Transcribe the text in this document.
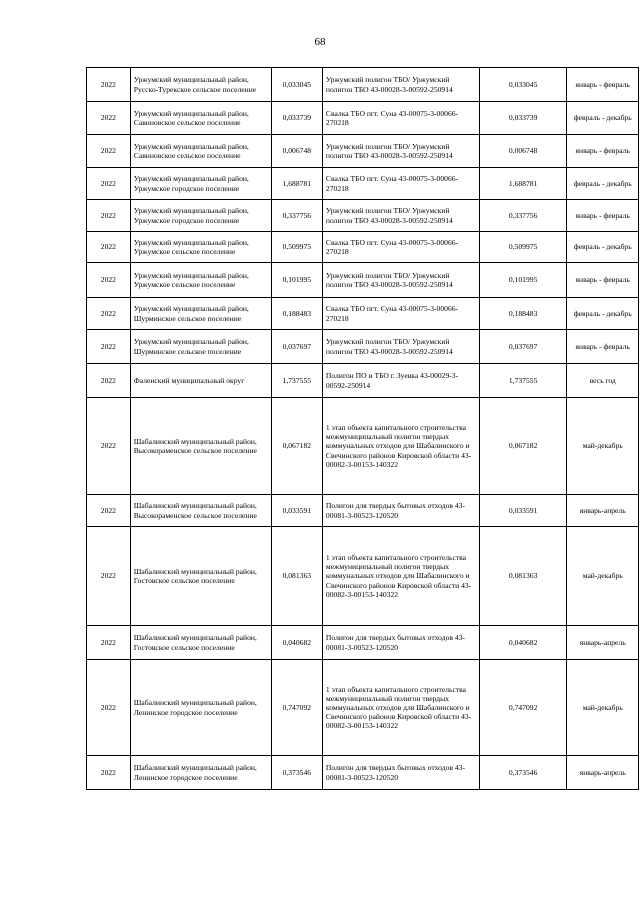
68
2022	Уржумский муниципальный район, Русско-Турекское сельское поселение	0,033045	Уржумский полигон ТБО/ Уржумский полигон ТБО 43-00028-3-00592-250914	0,033045	январь - февраль
2022	Уржумский муниципальный район, Савиновское сельское поселение	0,033739	Свалка ТБО пгт. Суна 43-00075-3-00066-270218	0,033739	февраль - декабрь
2022	Уржумский муниципальный район, Савиновское сельское поселение	0,006748	Уржумский полигон ТБО/ Уржумский полигон ТБО 43-00028-3-00592-250914	0,006748	январь - февраль
2022	Уржумский муниципальный район, Уржумское городское поселение	1,688781	Свалка ТБО пгт. Суна 43-00075-3-00066-270218	1,688781	февраль - декабрь
2022	Уржумский муниципальный район, Уржумское городское поселение	0,337756	Уржумский полигон ТБО/ Уржумский полигон ТБО 43-00028-3-00592-250914	0,337756	январь - февраль
2022	Уржумский муниципальный район, Уржумское сельское поселение	0,509975	Свалка ТБО пгт. Суна 43-00075-3-00066-270218	0,509975	февраль - декабрь
2022	Уржумский муниципальный район, Уржумское сельское поселение	0,101995	Уржумский полигон ТБО/ Уржумский полигон ТБО 43-00028-3-00592-250914	0,101995	январь - февраль
2022	Уржумский муниципальный район, Шурминское сельское поселение	0,188483	Свалка ТБО пгт. Суна 43-00075-3-00066-270218	0,188483	февраль - декабрь
2022	Уржумский муниципальный район, Шурминское сельское поселение	0,037697	Уржумский полигон ТБО/ Уржумский полигон ТБО 43-00028-3-00592-250914	0,037697	январь - февраль
2022	Фаленский муниципальный округ	1,737555	Полигон ПО и ТБО г. Зуевка 43-00029-3-00592-250914	1,737555	весь год
2022	Шабалинский муниципальный район, Высокораменское сельское поселение	0,067182	1 этап объекта капитального строительства межмуниципальный полигон твердых коммунальных отходов для Шабалинского и Свечинского районов Кировской области 43-00082-3-00153-140322	0,067182	май-декабрь
2022	Шабалинский муниципальный район, Высокораменское сельское поселение	0,033591	Полигон для твердых бытовых отходов 43-00081-3-00523-120520	0,033591	январь-апрель
2022	Шабалинский муниципальный район, Гостовское сельское поселение	0,081363	1 этап объекта капитального строительства межмуниципальный полигон твердых коммунальных отходов для Шабалинского и Свечинского районов Кировской области 43-00082-3-00153-140322	0,081363	май-декабрь
2022	Шабалинский муниципальный район, Гостовское сельское поселение	0,040682	Полигон для твердых бытовых отходов 43-00081-3-00523-120520	0,040682	январь-апрель
2022	Шабалинский муниципальный район, Ленинское городское поселение	0,747092	1 этап объекта капитального строительства межмуниципальный полигон твердых коммунальных отходов для Шабалинского и Свечинского районов Кировской области 43-00082-3-00153-140322	0,747092	май-декабрь
2022	Шабалинский муниципальный район, Ленинское городское поселение	0,373546	Полигон для твердых бытовых отходов 43-00081-3-00523-120520	0,373546	январь-апрель
